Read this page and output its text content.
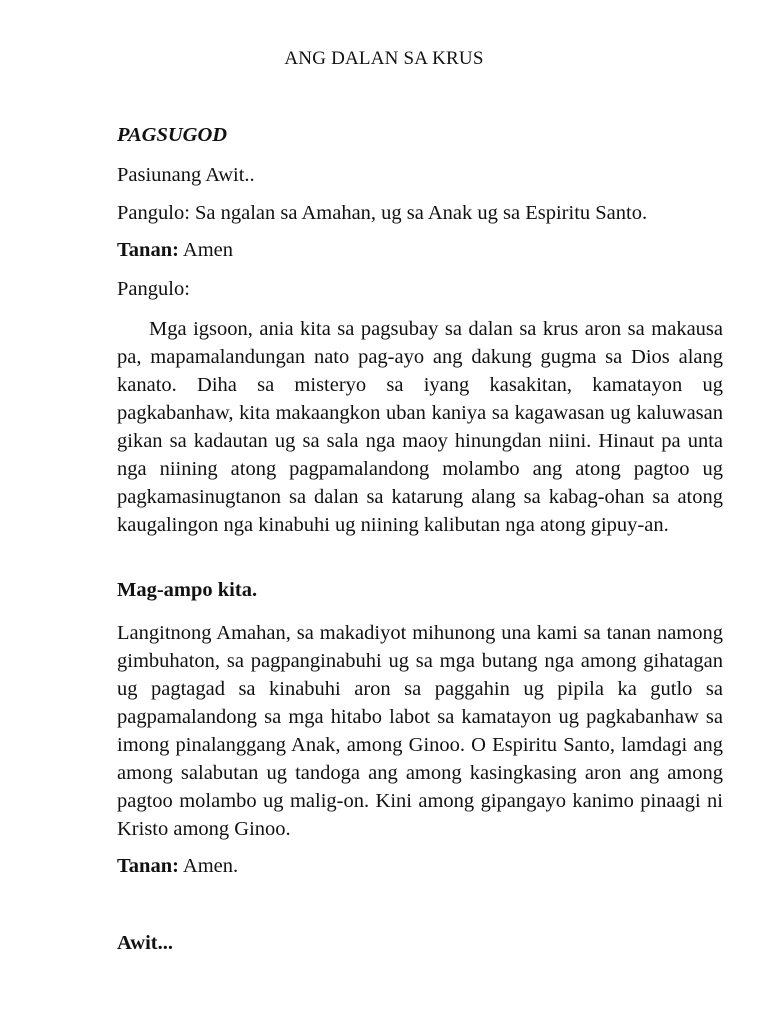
ANG DALAN SA KRUS
PAGSUGOD
Pasiunang Awit..
Pangulo: Sa ngalan sa Amahan, ug sa Anak ug sa Espiritu Santo.
Tanan: Amen
Pangulo:
Mga igsoon, ania kita sa pagsubay sa dalan sa krus aron sa makausa pa, mapamalandungan nato pag-ayo ang dakung gugma sa Dios alang kanato. Diha sa misteryo sa iyang kasakitan, kamatayon ug pagkabanhaw, kita makaangkon uban kaniya sa kagawasan ug kaluwasan gikan sa kadautan ug sa sala nga maoy hinungdan niini. Hinaut pa unta nga niining atong pagpamalandong molambo ang atong pagtoo ug pagkamasinugtanon sa dalan sa katarung alang sa kabag-ohan sa atong kaugalingon nga kinabuhi ug niining kalibutan nga atong gipuy-an.
Mag-ampo kita.
Langitnong Amahan, sa makadiyot mihunong una kami sa tanan namong gimbuhaton, sa pagpanginabuhi ug sa mga butang nga among gihatagan ug pagtagad sa kinabuhi aron sa paggahin ug pipila ka gutlo sa pagpamalandong sa mga hitabo labot sa kamatayon ug pagkabanhaw sa imong pinalanggang Anak, among Ginoo. O Espiritu Santo, lamdagi ang among salabutan ug tandoga ang among kasingkasing aron ang among pagtoo molambo ug malig-on. Kini among gipangayo kanimo pinaagi ni Kristo among Ginoo.
Tanan: Amen.
Awit...
